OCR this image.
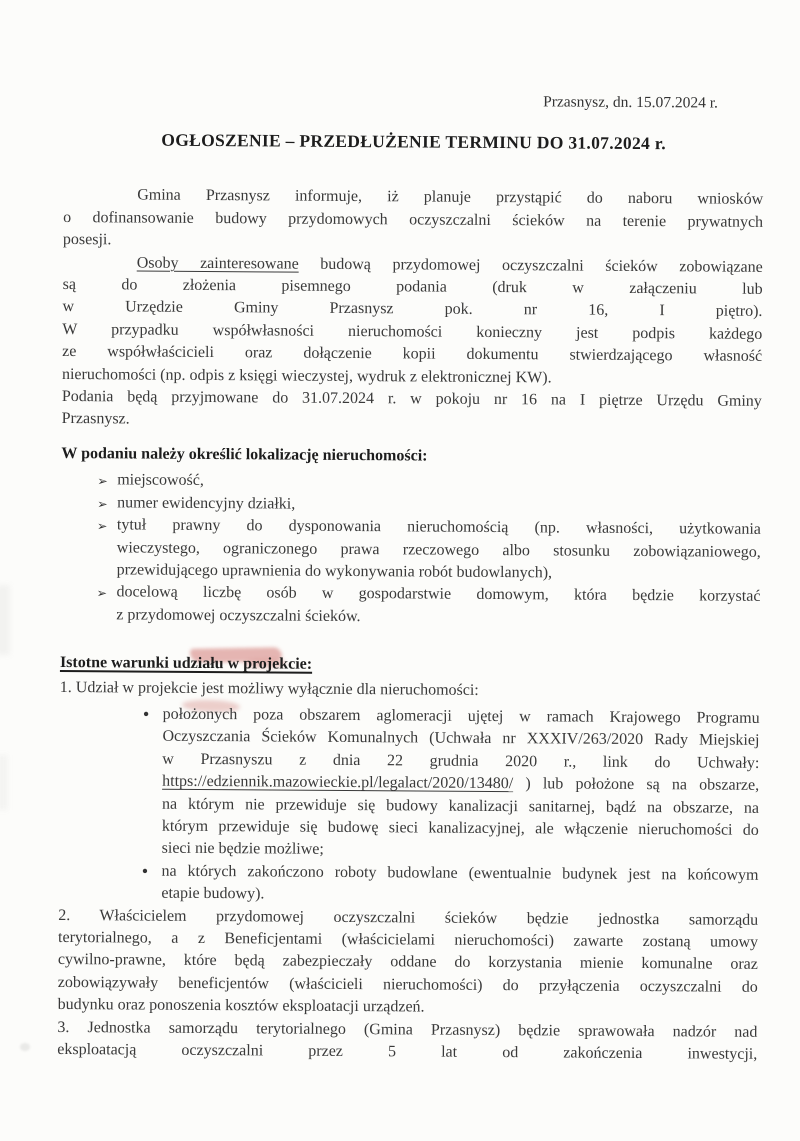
Przasnysz, dn. 15.07.2024 r.
OGŁOSZENIE – PRZEDŁUŻENIE TERMINU DO 31.07.2024 r.
Gmina Przasnysz informuje, iż planuje przystąpić do naboru wniosków
o dofinansowanie budowy przydomowych oczyszczalni ścieków na terenie prywatnych
posesji.
Osoby zainteresowane budową przydomowej oczyszczalni ścieków zobowiązane
są do złożenia pisemnego podania (druk w załączeniu lub
w Urzędzie Gminy Przasnysz pok. nr 16, I piętro).
W przypadku współwłasności nieruchomości konieczny jest podpis każdego
ze współwłaścicieli oraz dołączenie kopii dokumentu stwierdzającego własność
nieruchomości (np. odpis z księgi wieczystej, wydruk z elektronicznej KW).
Podania będą przyjmowane do 31.07.2024 r. w pokoju nr 16 na I piętrze Urzędu Gminy
Przasnysz.
W podaniu należy określić lokalizację nieruchomości:
➢ miejscowość,
➢ numer ewidencyjny działki,
➢ tytuł prawny do dysponowania nieruchomością (np. własności, użytkowania
wieczystego, ograniczonego prawa rzeczowego albo stosunku zobowiązaniowego,
przewidującego uprawnienia do wykonywania robót budowlanych),
➢ docelową liczbę osób w gospodarstwie domowym, która będzie korzystać
z przydomowej oczyszczalni ścieków.
Istotne warunki udziału w projekcie:
1. Udział w projekcie jest możliwy wyłącznie dla nieruchomości:
• położonych poza obszarem aglomeracji ujętej w ramach Krajowego Programu
Oczyszczania Ścieków Komunalnych (Uchwała nr XXXIV/263/2020 Rady Miejskiej
w Przasnyszu z dnia 22 grudnia 2020 r., link do Uchwały:
https://edziennik.mazowieckie.pl/legalact/2020/13480/ ) lub położone są na obszarze,
na którym nie przewiduje się budowy kanalizacji sanitarnej, bądź na obszarze, na
którym przewiduje się budowę sieci kanalizacyjnej, ale włączenie nieruchomości do
sieci nie będzie możliwe;
• na których zakończono roboty budowlane (ewentualnie budynek jest na końcowym
etapie budowy).
2. Właścicielem przydomowej oczyszczalni ścieków będzie jednostka samorządu
terytorialnego, a z Beneficjentami (właścicielami nieruchomości) zawarte zostaną umowy
cywilno-prawne, które będą zabezpieczały oddane do korzystania mienie komunalne oraz
zobowiązywały beneficjentów (właścicieli nieruchomości) do przyłączenia oczyszczalni do
budynku oraz ponoszenia kosztów eksploatacji urządzeń.
3. Jednostka samorządu terytorialnego (Gmina Przasnysz) będzie sprawowała nadzór nad
eksploatacją oczyszczalni przez 5 lat od zakończenia inwestycji,
